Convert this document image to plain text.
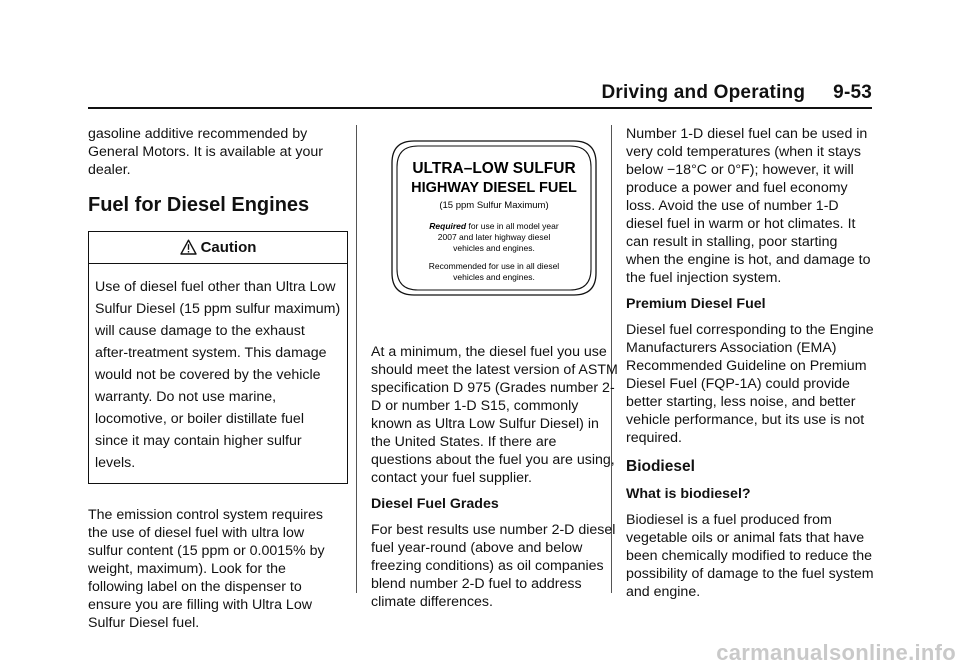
Driving and Operating 9-53

gasoline additive recommended by General Motors. It is available at your dealer.

Fuel for Diesel Engines
Caution
Use of diesel fuel other than Ultra Low Sulfur Diesel (15 ppm sulfur maximum) will cause damage to the exhaust after-treatment system. This damage would not be covered by the vehicle warranty. Do not use marine, locomotive, or boiler distillate fuel since it may contain higher sulfur levels.

The emission control system requires the use of diesel fuel with ultra low sulfur content (15 ppm or 0.0015% by weight, maximum). Look for the following label on the dispenser to ensure you are filling with Ultra Low Sulfur Diesel fuel.

ULTRA–LOW SULFUR
HIGHWAY DIESEL FUEL
(15 ppm Sulfur Maximum)
Required for use in all model year
2007 and later highway diesel
vehicles and engines.
Recommended for use in all diesel
vehicles and engines.

At a minimum, the diesel fuel you use should meet the latest version of ASTM specification D 975 (Grades number 2-D or number 1-D S15, commonly known as Ultra Low Sulfur Diesel) in the United States. If there are questions about the fuel you are using, contact your fuel supplier.

Diesel Fuel Grades

For best results use number 2-D diesel fuel year-round (above and below freezing conditions) as oil companies blend number 2-D fuel to address climate differences.

Number 1-D diesel fuel can be used in very cold temperatures (when it stays below −18°C or 0°F); however, it will produce a power and fuel economy loss. Avoid the use of number 1-D diesel fuel in warm or hot climates. It can result in stalling, poor starting when the engine is hot, and damage to the fuel injection system.

Premium Diesel Fuel

Diesel fuel corresponding to the Engine Manufacturers Association (EMA) Recommended Guideline on Premium Diesel Fuel (FQP-1A) could provide better starting, less noise, and better vehicle performance, but its use is not required.

Biodiesel

What is biodiesel?

Biodiesel is a fuel produced from vegetable oils or animal fats that have been chemically modified to reduce the possibility of damage to the fuel system and engine.

carmanualsonline.info
